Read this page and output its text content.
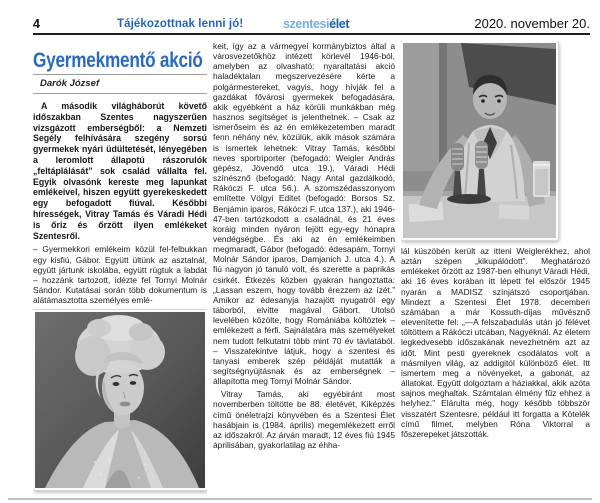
4	Tájékozottnak lenni jó!	szentesiélet	2020. november 20.
Gyermekmentő akció
Darók József

A második világháborút követő időszakban Szentes nagyszerűen vizsgázott emberségből: a Nemzeti Segély felhívására szegény sorsú gyermekek nyári üdültetését, lényegében a leromlott állapotú rászorulók „feltáplálását” sok család vállalta fel. Egyik olvasónk kereste meg lapunkat emlékeivel, hiszen együtt gyerekeskedett egy befogadott fiúval. Későbbi hírességek, Vitray Tamás és Váradi Hédi is őriz és őrzött ilyen emlékeket Szentesről.

– Gyermekkori emlékeim közül fel-felbukkan egy kisfiú, Gábor. Együtt ültünk az asztalnál, együtt jártunk iskolába, együtt rúgtuk a labdát – hozzánk tartozott, idézte fel Tornyi Molnár Sándor. Kutatásai során több dokumentum is alátámasztotta személyes emlé-

keit, így az a vármegyei kormánybiztos által a városvezetőkhöz intézett körlevél 1946-ból, amelyben az olvasható: nyaraltatási akció haladéktalan megszervezésére kérte a polgármestereket, vagyis, hogy hívják fel a gazdákat fővárosi gyermekek befogadására, akik egyébként a ház körüli munkákban még hasznos segítséget is jelenthetnek. – Csak az ismerőseim és az én emlékezetemben maradt fenn néhány név, közülük, akik mások számára is ismertek lehetnek: Vitray Tamás, későbbi neves sportriporter (befogadó: Weigler András gépész, Jövendő utca 19.), Váradi Hédi színésznő (befogadó: Nagy Antal gazdálkodó, Rákóczi F. utca 56.). A szomszédasszonyom említette Völgyi Editet (befogadó: Borsos Sz. Benjámin iparos, Rákóczi F. utca 137.), aki 1946-47-ben tartózkodott a családnál, és 21 éves koráig minden nyáron lejött egy-egy hónapra vendégségbe. És aki az én emlékeimben megmaradt, Gábor (befogadó: édesapám, Tornyi Molnár Sándor iparos, Damjanich J. utca 4.). A fiú nagyon jó tanuló volt, és szerette a paprikás csirkét. Étkezés közben gyakran hangoztatta: „Lassan eszem, hogy tovább érezzem az ízét.” Amikor az édesanyja hazajött nyugatról egy táborból, elvitte magával Gábort. Utolsó levelében közölte, hogy Romániába költöztek – emlékezett a férfi. Sajnálatára más személyeket nem tudott felkutatni több mint 70 év távlatából. – Visszatekintve látjuk, hogy a szentesi és tanyasi emberek szép példáját mutatták a segítségnyújtásnak és az emberségnek – állapította meg Tornyi Molnár Sándor.

Vitray Tamás, aki egyébiránt most novemberben töltötte be 88. életévét, Kiképzés című önéletrajzi könyvében és a Szentesi Élet hasábjain is (1984. április) megemlékezett erről az időszakról. Az árván maradt, 12 éves fiú 1945 áprilisában, gyakorlatilag az éhha-

lál küszöbén került az itteni Weiglerékhez, ahol aztán szépen „kikupálódott”. Meghatározó emlékeket őrzött az 1987-ben elhunyt Váradi Hédi, aki 16 éves korában itt lépett fel először 1945 nyarán a MADISZ színjátszó csoportjában. Mindezt a Szentesi Élet 1978. decemberi számában a már Kossuth-díjas művésznő elevenítette fel: „—A felszabadulás után jó félévet töltöttem a Rákóczi utcában, Nagyéknál. Az életem legkedvesebb időszakának nevezhetném azt az időt. Mint pesti gyereknek csodálatos volt a másmilyen világ, az addigitól különböző élet. Itt ismertem meg a növényeket, a gabonát, az állatokat. Együtt dolgoztam a háziakkal, akik azóta sajnos meghaltak. Számtalan élmény fűz ehhez a helyhez.” Elárulta még, hogy később többször visszatért Szentesre, például itt forgatta a Kötelék című filmet, melyben Róna Viktorral a főszerepeket játszották.
